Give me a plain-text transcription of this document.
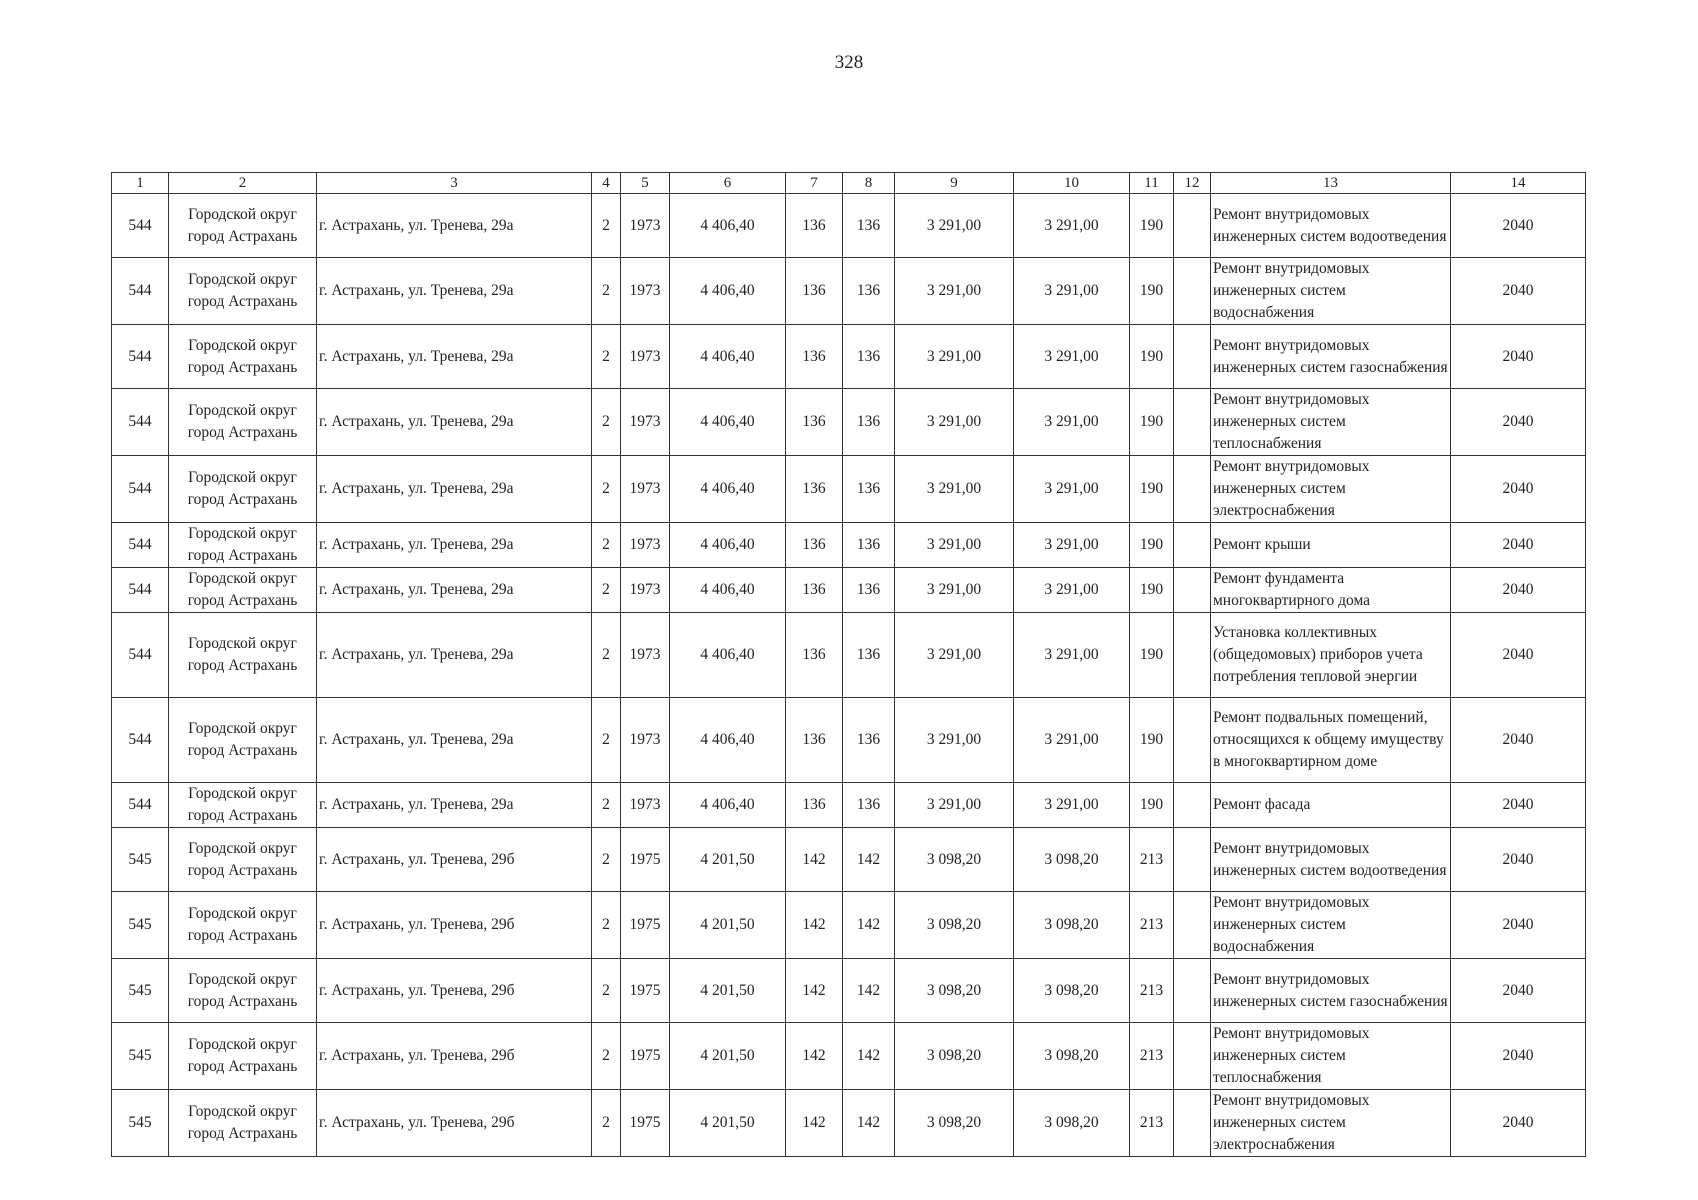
328
1	2	3	4	5	6	7	8	9	10	11	12	13	14
544	Городской округ город Астрахань	г. Астрахань, ул. Тренева, 29а	2	1973	4 406,40	136	136	3 291,00	3 291,00	190		Ремонт внутридомовых инженерных систем водоотведения	2040
544	Городской округ город Астрахань	г. Астрахань, ул. Тренева, 29а	2	1973	4 406,40	136	136	3 291,00	3 291,00	190		Ремонт внутридомовых инженерных систем водоснабжения	2040
544	Городской округ город Астрахань	г. Астрахань, ул. Тренева, 29а	2	1973	4 406,40	136	136	3 291,00	3 291,00	190		Ремонт внутридомовых инженерных систем газоснабжения	2040
544	Городской округ город Астрахань	г. Астрахань, ул. Тренева, 29а	2	1973	4 406,40	136	136	3 291,00	3 291,00	190		Ремонт внутридомовых инженерных систем теплоснабжения	2040
544	Городской округ город Астрахань	г. Астрахань, ул. Тренева, 29а	2	1973	4 406,40	136	136	3 291,00	3 291,00	190		Ремонт внутридомовых инженерных систем электроснабжения	2040
544	Городской округ город Астрахань	г. Астрахань, ул. Тренева, 29а	2	1973	4 406,40	136	136	3 291,00	3 291,00	190		Ремонт крыши	2040
544	Городской округ город Астрахань	г. Астрахань, ул. Тренева, 29а	2	1973	4 406,40	136	136	3 291,00	3 291,00	190		Ремонт фундамента многоквартирного дома	2040
544	Городской округ город Астрахань	г. Астрахань, ул. Тренева, 29а	2	1973	4 406,40	136	136	3 291,00	3 291,00	190		Установка коллективных (общедомовых) приборов учета потребления тепловой энергии	2040
544	Городской округ город Астрахань	г. Астрахань, ул. Тренева, 29а	2	1973	4 406,40	136	136	3 291,00	3 291,00	190		Ремонт подвальных помещений, относящихся к общему имуществу в многоквартирном доме	2040
544	Городской округ город Астрахань	г. Астрахань, ул. Тренева, 29а	2	1973	4 406,40	136	136	3 291,00	3 291,00	190		Ремонт фасада	2040
545	Городской округ город Астрахань	г. Астрахань, ул. Тренева, 29б	2	1975	4 201,50	142	142	3 098,20	3 098,20	213		Ремонт внутридомовых инженерных систем водоотведения	2040
545	Городской округ город Астрахань	г. Астрахань, ул. Тренева, 29б	2	1975	4 201,50	142	142	3 098,20	3 098,20	213		Ремонт внутридомовых инженерных систем водоснабжения	2040
545	Городской округ город Астрахань	г. Астрахань, ул. Тренева, 29б	2	1975	4 201,50	142	142	3 098,20	3 098,20	213		Ремонт внутридомовых инженерных систем газоснабжения	2040
545	Городской округ город Астрахань	г. Астрахань, ул. Тренева, 29б	2	1975	4 201,50	142	142	3 098,20	3 098,20	213		Ремонт внутридомовых инженерных систем теплоснабжения	2040
545	Городской округ город Астрахань	г. Астрахань, ул. Тренева, 29б	2	1975	4 201,50	142	142	3 098,20	3 098,20	213		Ремонт внутридомовых инженерных систем электроснабжения	2040
